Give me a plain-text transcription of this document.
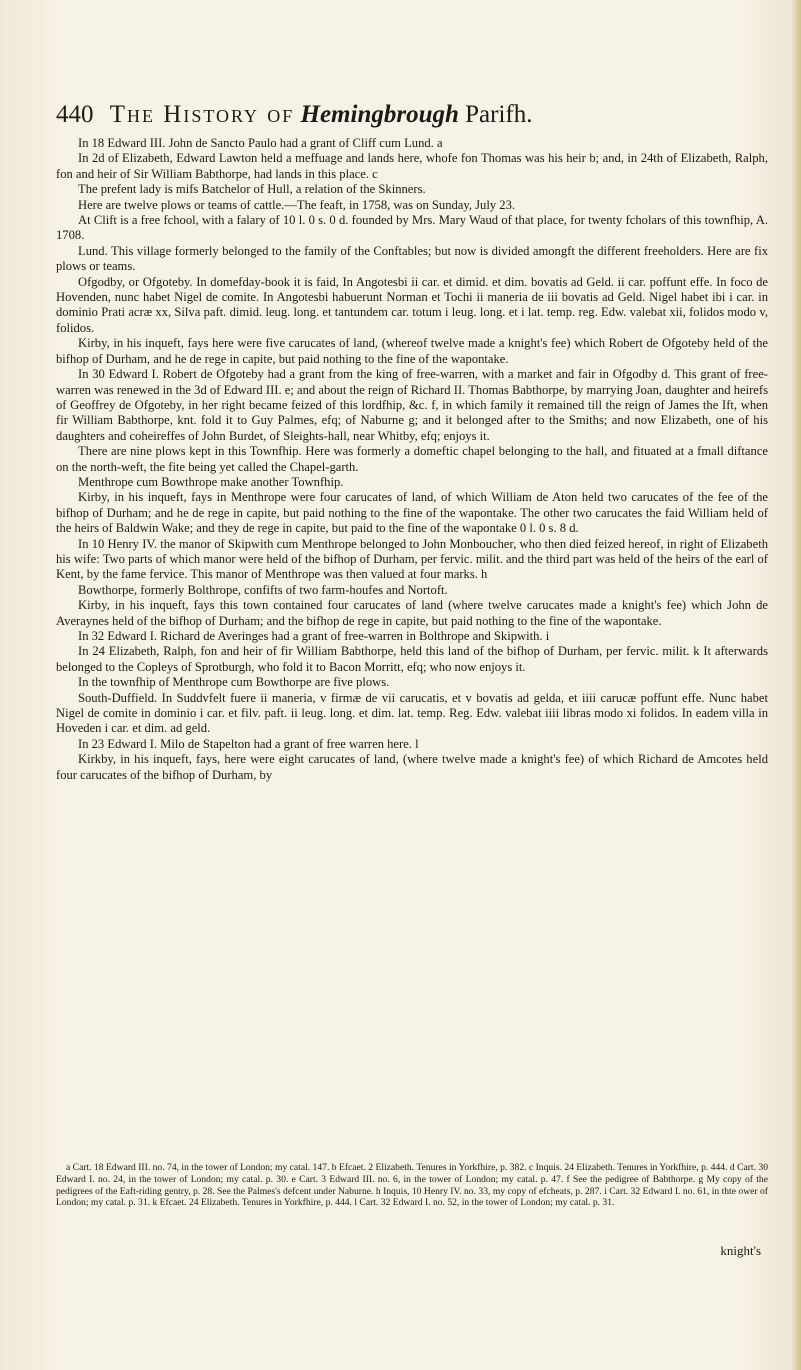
440 The History of Hemingbrough Parifh.

In 18 Edward III. John de Sancto Paulo had a grant of Cliff cum Lund. a

In 2d of Elizabeth, Edward Lawton held a meffuage and lands here, whofe fon Thomas was his heir b; and, in 24th of Elizabeth, Ralph, fon and heir of Sir William Babthorpe, had lands in this place. c

The prefent lady is mifs Batchelor of Hull, a relation of the Skinners.

Here are twelve plows or teams of cattle.—The feaft, in 1758, was on Sunday, July 23.

At Clift is a free fchool, with a falary of 10 l. 0 s. 0 d. founded by Mrs. Mary Waud of that place, for twenty fcholars of this townfhip, A. 1708.

Lund. This village formerly belonged to the family of the Conftables; but now is divided amongft the different freeholders. Here are fix plows or teams.

Ofgodby, or Ofgoteby. In domefday-book it is faid, In Angotesbi ii car. et dimid. et dim. bovatis ad Geld. ii car. poffunt effe. In foco de Hovenden, nunc habet Nigel de comite. In Angotesbi habuerunt Norman et Tochi ii maneria de iii bovatis ad Geld. Nigel habet ibi i car. in dominio Prati acræ xx, Silva paft. dimid. leug. long. et tantundem car. totum i leug. long. et i lat. temp. reg. Edw. valebat xii, folidos modo v, folidos.

Kirby, in his inqueft, fays here were five carucates of land, (whereof twelve made a knight's fee) which Robert de Ofgoteby held of the bifhop of Durham, and he de rege in capite, but paid nothing to the fine of the wapontake.

In 30 Edward I. Robert de Ofgoteby had a grant from the king of free-warren, with a market and fair in Ofgodby d. This grant of free-warren was renewed in the 3d of Edward III. e; and about the reign of Richard II. Thomas Babthorpe, by marrying Joan, daughter and heirefs of Geoffrey de Ofgoteby, in her right became feized of this lordfhip, &c. f, in which family it remained till the reign of James the Ift, when fir William Babthorpe, knt. fold it to Guy Palmes, efq; of Naburne g; and it belonged after to the Smiths; and now Elizabeth, one of his daughters and coheireffes of John Burdet, of Sleights-hall, near Whitby, efq; enjoys it.

There are nine plows kept in this Townfhip. Here was formerly a domeftic chapel belonging to the hall, and fituated at a fmall diftance on the north-weft, the fite being yet called the Chapel-garth.

Menthrope cum Bowthrope make another Townfhip.

Kirby, in his inqueft, fays in Menthrope were four carucates of land, of which William de Aton held two carucates of the fee of the bifhop of Durham; and he de rege in capite, but paid nothing to the fine of the wapontake. The other two carucates the faid William held of the heirs of Baldwin Wake; and they de rege in capite, but paid to the fine of the wapontake 0 l. 0 s. 8 d.

In 10 Henry IV. the manor of Skipwith cum Menthrope belonged to John Monboucher, who then died feized hereof, in right of Elizabeth his wife: Two parts of which manor were held of the bifhop of Durham, per fervic. milit. and the third part was held of the heirs of the earl of Kent, by the fame fervice. This manor of Menthrope was then valued at four marks. h

Bowthorpe, formerly Bolthrope, confifts of two farm-houfes and Nortoft.

Kirby, in his inqueft, fays this town contained four carucates of land (where twelve carucates made a knight's fee) which John de Averaynes held of the bifhop of Durham; and the bifhop de rege in capite, but paid nothing to the fine of the wapontake.

In 32 Edward I. Richard de Averinges had a grant of free-warren in Bolthrope and Skipwith. i

In 24 Elizabeth, Ralph, fon and heir of fir William Babthorpe, held this land of the bifhop of Durham, per fervic. milit. k It afterwards belonged to the Copleys of Sprotburgh, who fold it to Bacon Morritt, efq; who now enjoys it.

In the townfhip of Menthrope cum Bowthorpe are five plows.

South-Duffield. In Suddvfelt fuere ii maneria, v firmæ de vii carucatis, et v bovatis ad gelda, et iiii carucæ poffunt effe. Nunc habet Nigel de comite in dominio i car. et filv. paft. ii leug. long. et dim. lat. temp. Reg. Edw. valebat iiii libras modo xi folidos. In eadem villa in Hoveden i car. et dim. ad geld.

In 23 Edward I. Milo de Stapelton had a grant of free warren here. l

Kirkby, in his inqueft, fays, here were eight carucates of land, (where twelve made a knight's fee) of which Richard de Amcotes held four carucates of the bifhop of Durham, by

a Cart. 18 Edward III. no. 74, in the tower of London; my catal. 147. b Efcaet. 2 Elizabeth. Tenures in Yorkfhire, p. 382. c Inquis. 24 Elizabeth. Tenures in Yorkfhire, p. 444. d Cart. 30 Edward I. no. 24, in the tower of London; my catal. p. 30. e Cart. 3 Edward III. no. 6, in the tower of London; my catal. p. 47. f See the pedigree of Babthorpe. g My copy of the pedigrees of the Eaft-riding gentry, p. 28. See the Palmes's defcent under Naburne. h Inquis, 10 Henry IV. no. 33, my copy of efcheats, p. 287. i Cart. 32 Edward I. no. 61, in thte ower of London; my catal. p. 31. k Efcaet. 24 Elizabeth. Tenures in Yorkfhire, p. 444. l Cart. 32 Edward I. no. 52, in the tower of London; my catal. p. 31.

knight's
